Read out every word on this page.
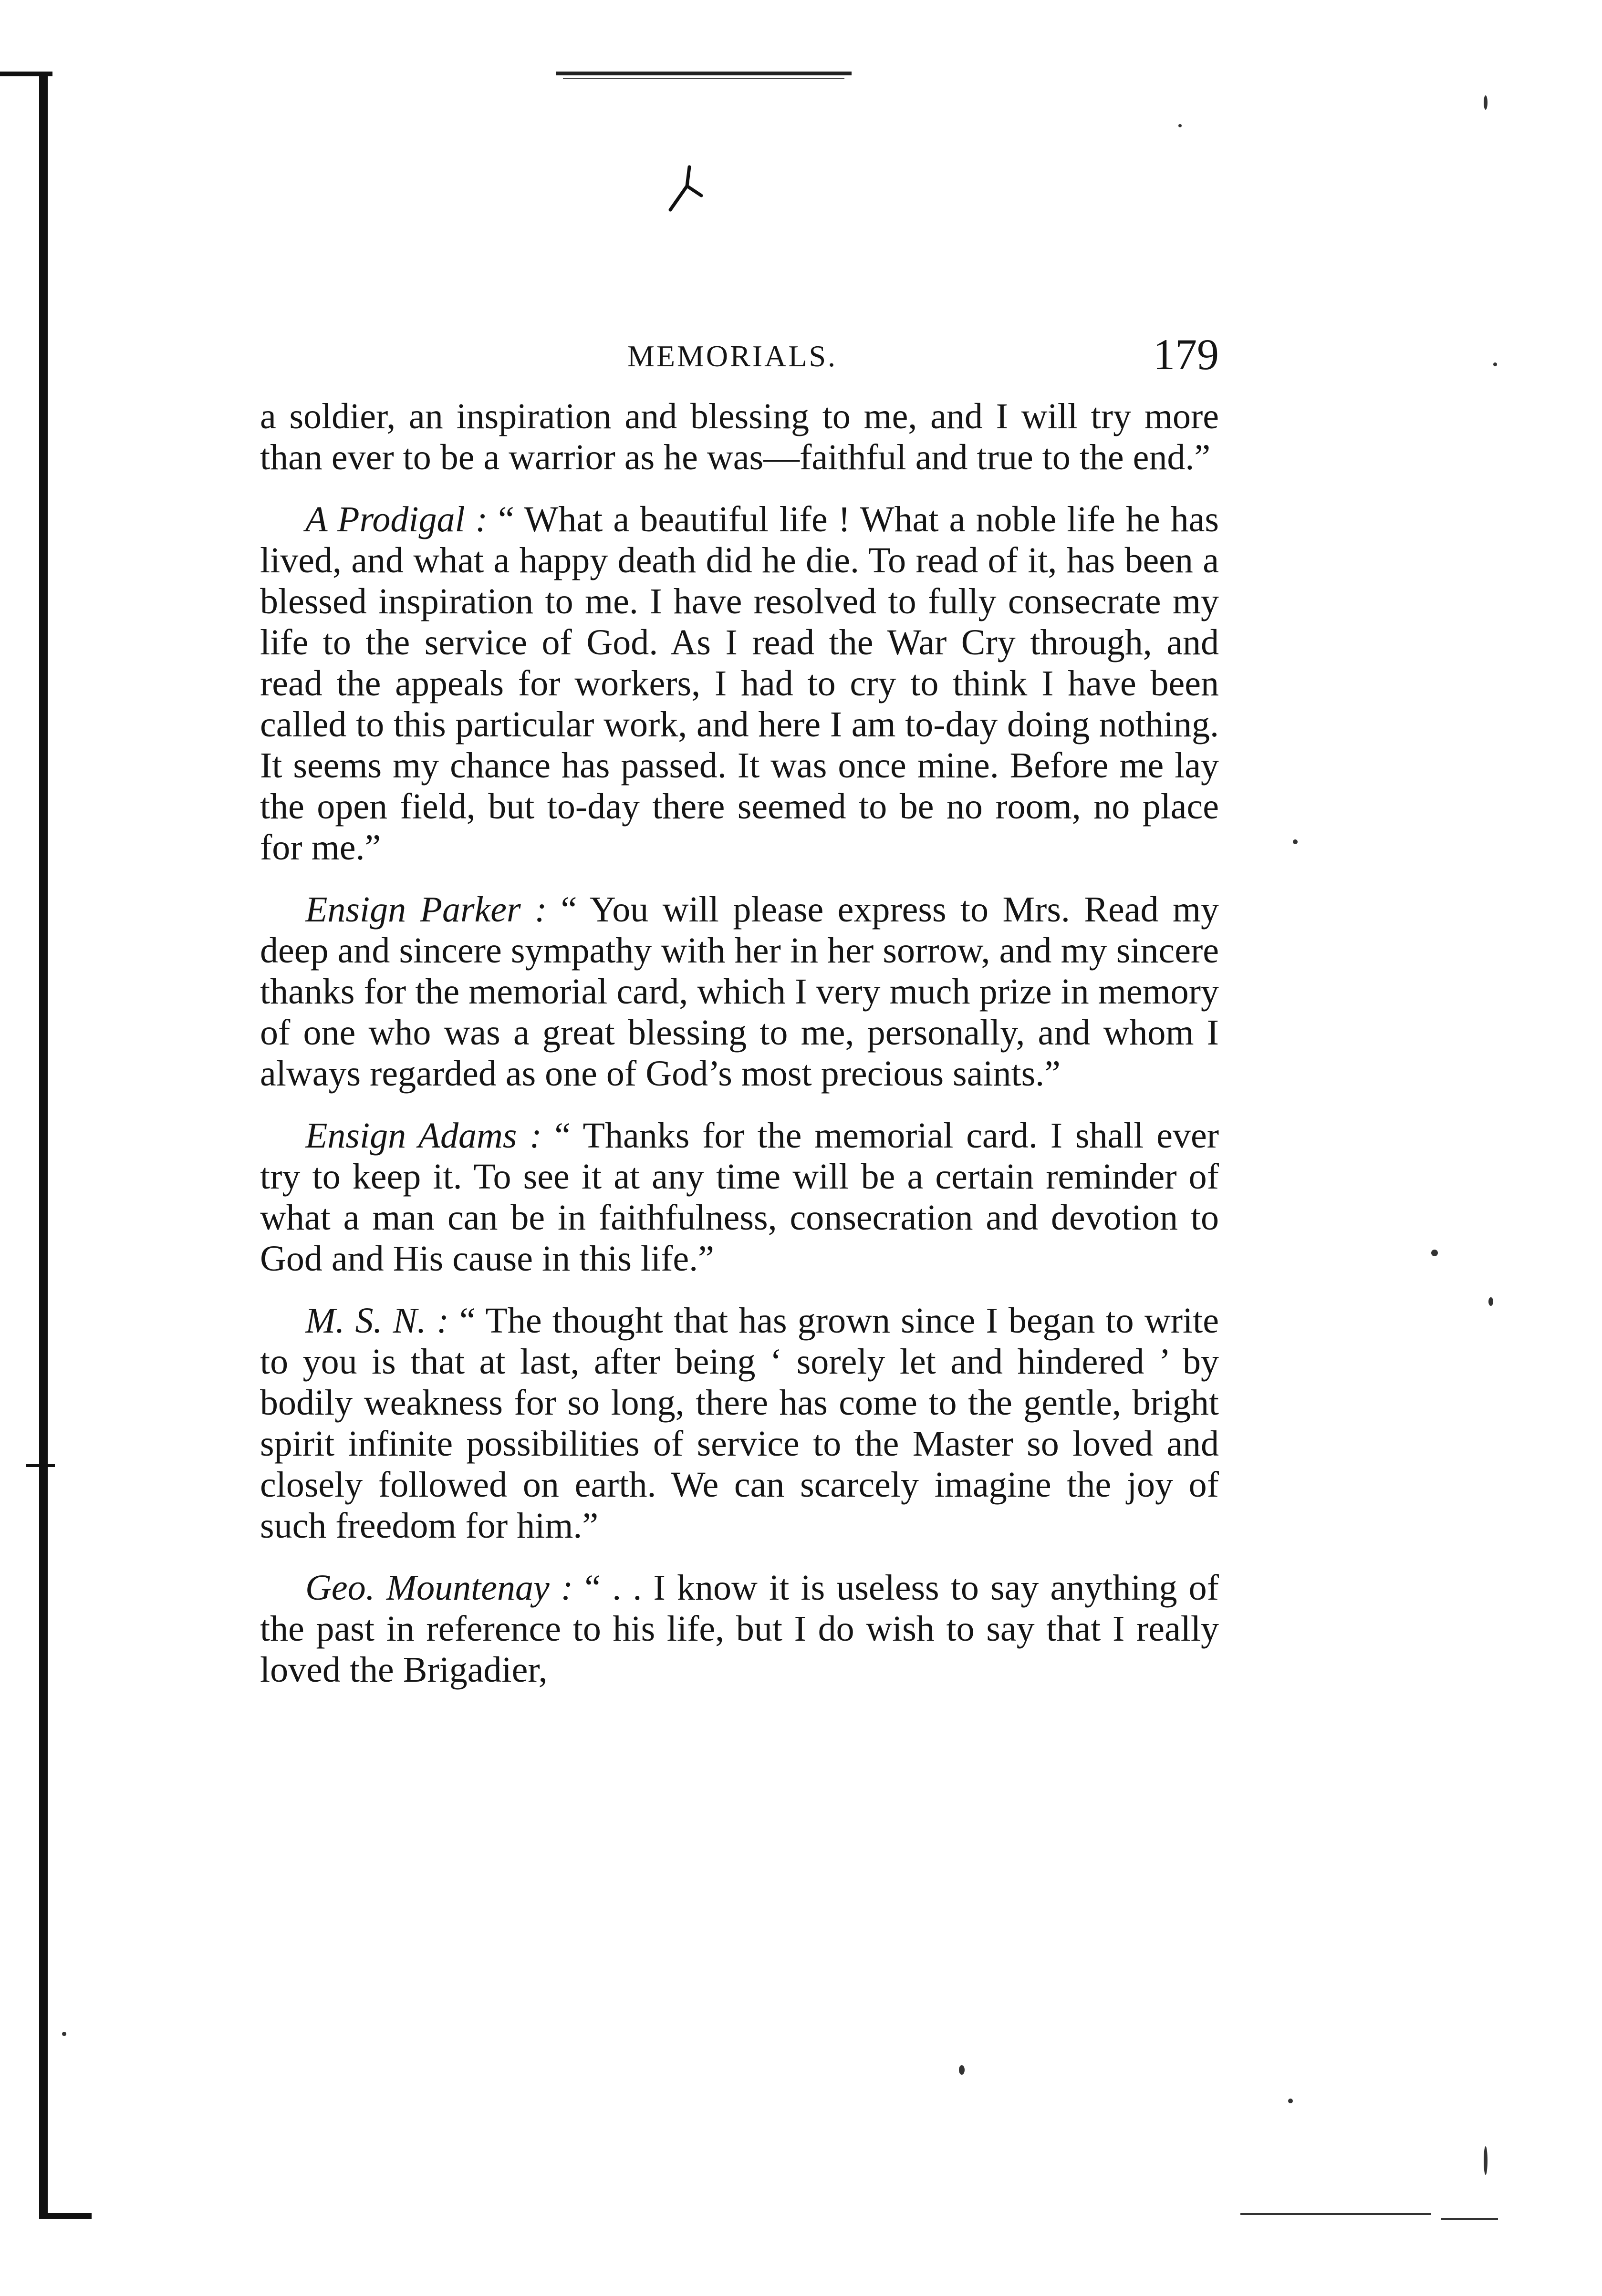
MEMORIALS.	179

a soldier, an inspiration and blessing to me, and I will try more than ever to be a warrior as he was—faithful and true to the end.”

A Prodigal : “ What a beautiful life ! What a noble life he has lived, and what a happy death did he die. To read of it, has been a blessed inspiration to me. I have resolved to fully consecrate my life to the service of God. As I read the War Cry through, and read the appeals for workers, I had to cry to think I have been called to this particular work, and here I am to-day doing nothing. It seems my chance has passed. It was once mine. Before me lay the open field, but to-day there seemed to be no room, no place for me.”

Ensign Parker : “ You will please express to Mrs. Read my deep and sincere sympathy with her in her sorrow, and my sincere thanks for the memorial card, which I very much prize in memory of one who was a great blessing to me, personally, and whom I always regarded as one of God’s most precious saints.”

Ensign Adams : “ Thanks for the memorial card. I shall ever try to keep it. To see it at any time will be a certain reminder of what a man can be in faithfulness, consecration and devotion to God and His cause in this life.”

M. S. N. : “ The thought that has grown since I began to write to you is that at last, after being ‘ sorely let and hindered ’ by bodily weakness for so long, there has come to the gentle, bright spirit infinite possibilities of service to the Master so loved and closely followed on earth. We can scarcely imagine the joy of such freedom for him.”

Geo. Mountenay : “ . . I know it is useless to say anything of the past in reference to his life, but I do wish to say that I really loved the Brigadier,
